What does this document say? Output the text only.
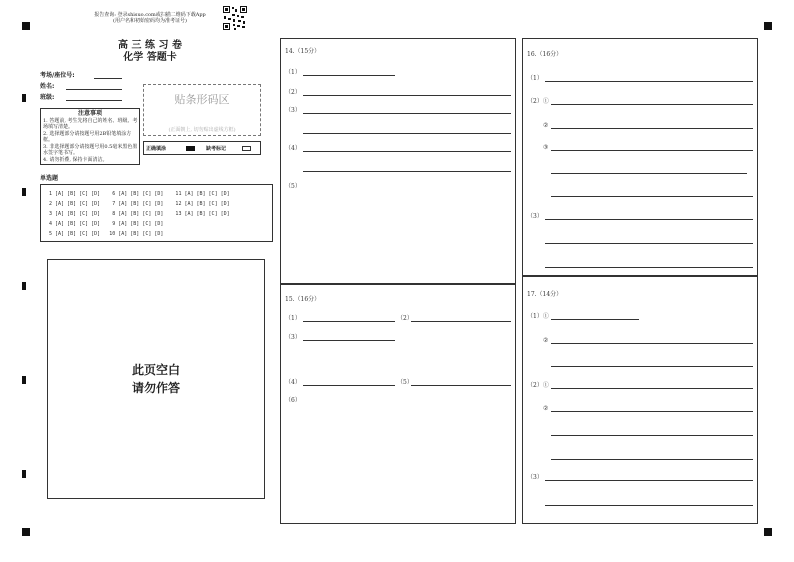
报告查询: 登录shisuo.com或扫描二维码下载App
(用户名和初始密码均为准考证号)
高 三 练 习 卷
化学 答题卡
考场/座位号:
姓名:
班级:	贴条形码区
(正面朝上, 切勿贴出虚线方框)
注意事项
1. 答题前, 考生先将自己的姓名、班级、考场填写清楚。
2. 选择题部分请按题号用2B铅笔填涂方框。
3. 非选择题部分请按题号用0.5毫米黑色墨水签字笔书写。
4. 请勿折叠, 保持卡面清洁。
正确填涂	缺考标记
单选题
1 [A] [B] [C] [D]    6 [A] [B] [C] [D]    11 [A] [B] [C] [D]
2 [A] [B] [C] [D]    7 [A] [B] [C] [D]    12 [A] [B] [C] [D]
3 [A] [B] [C] [D]    8 [A] [B] [C] [D]    13 [A] [B] [C] [D]
4 [A] [B] [C] [D]    9 [A] [B] [C] [D]
5 [A] [B] [C] [D]   10 [A] [B] [C] [D]
此页空白
请勿作答
14.（15分）
（1）
（2）
（3）
（4）
（5）
15.（16分）
（1）	（2）
（3）
（4）	（5）
（6）
16.（16分）
（1）
（2）①
②
③
（3）
17.（14分）
（1）①
②
（2）①
②
（3）
